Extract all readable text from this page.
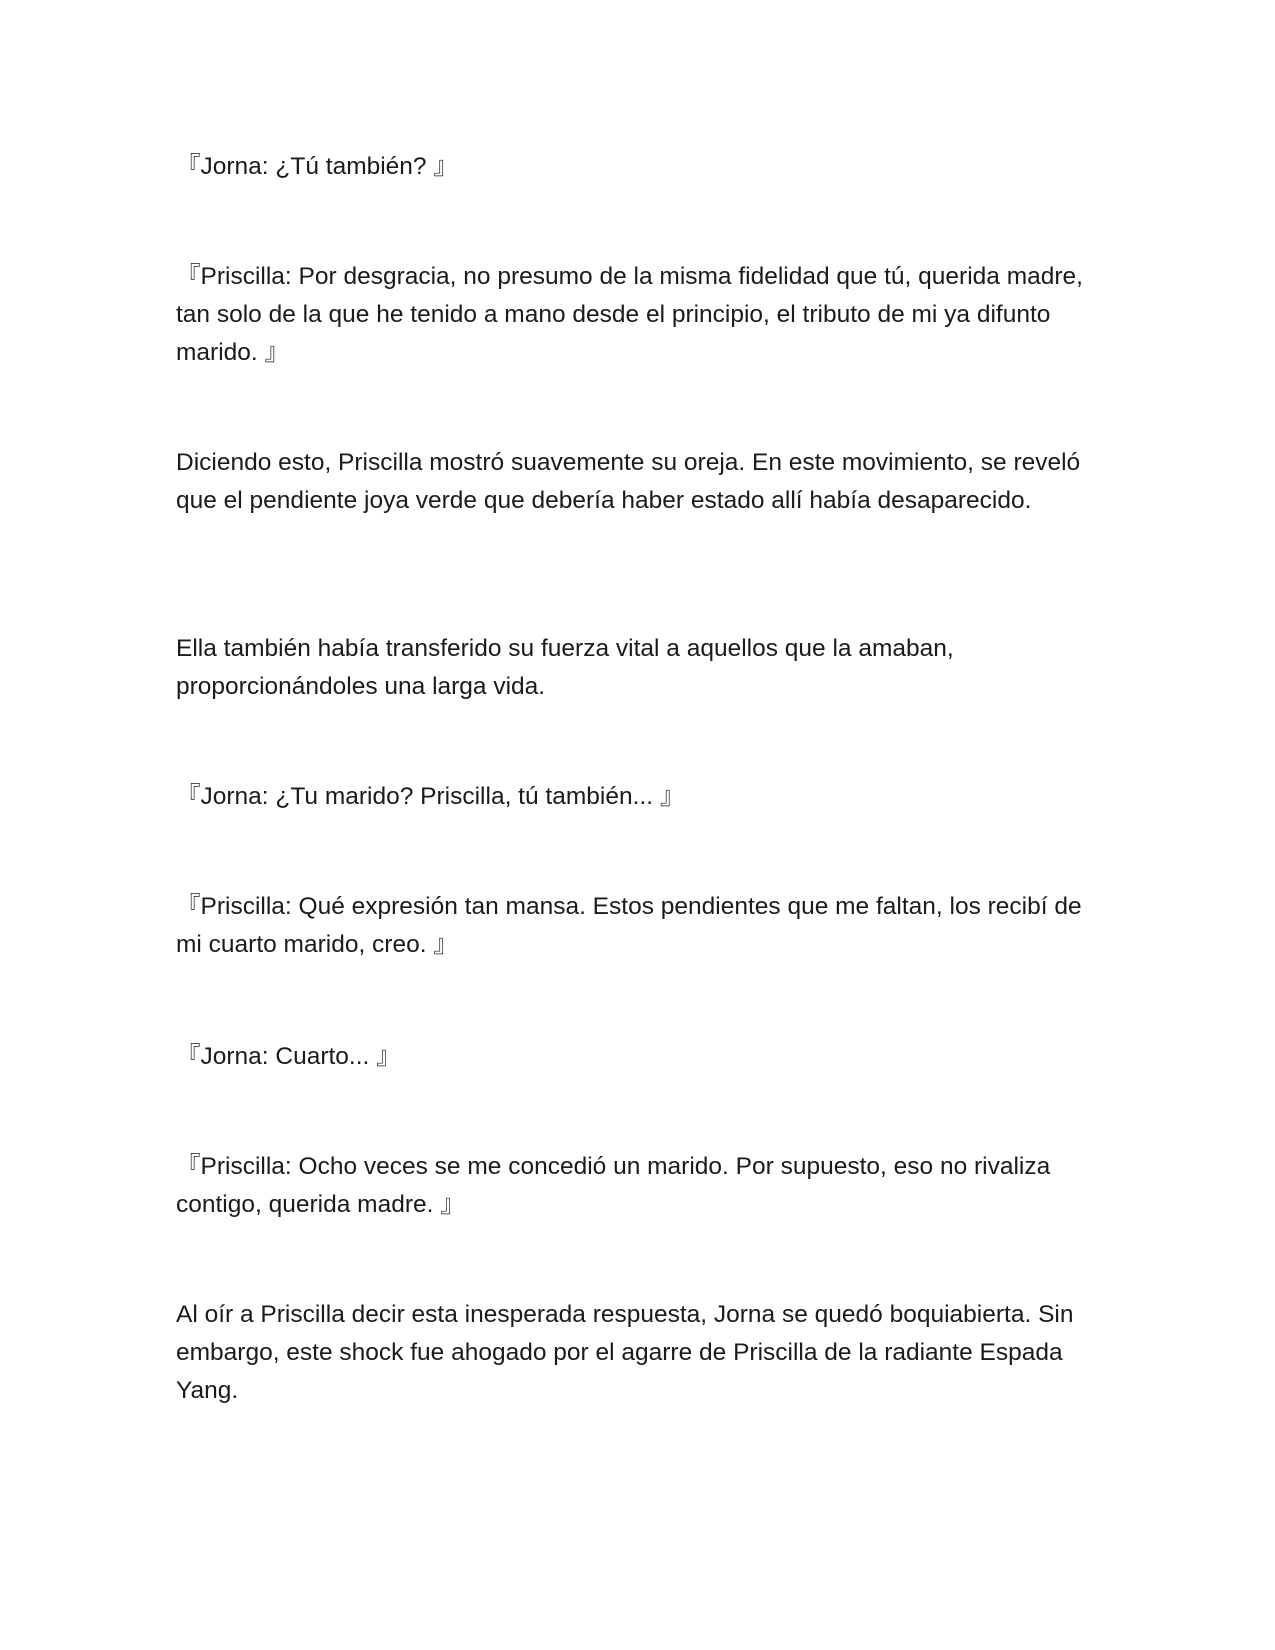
『Jorna: ¿Tú también? 』

『Priscilla: Por desgracia, no presumo de la misma fidelidad que tú, querida madre, tan solo de la que he tenido a mano desde el principio, el tributo de mi ya difunto marido. 』

Diciendo esto, Priscilla mostró suavemente su oreja. En este movimiento, se reveló que el pendiente joya verde que debería haber estado allí había desaparecido.

Ella también había transferido su fuerza vital a aquellos que la amaban, proporcionándoles una larga vida.

『Jorna: ¿Tu marido? Priscilla, tú también... 』

『Priscilla: Qué expresión tan mansa. Estos pendientes que me faltan, los recibí de mi cuarto marido, creo. 』

『Jorna: Cuarto... 』

『Priscilla: Ocho veces se me concedió un marido. Por supuesto, eso no rivaliza contigo, querida madre. 』

Al oír a Priscilla decir esta inesperada respuesta, Jorna se quedó boquiabierta. Sin embargo, este shock fue ahogado por el agarre de Priscilla de la radiante Espada Yang.
